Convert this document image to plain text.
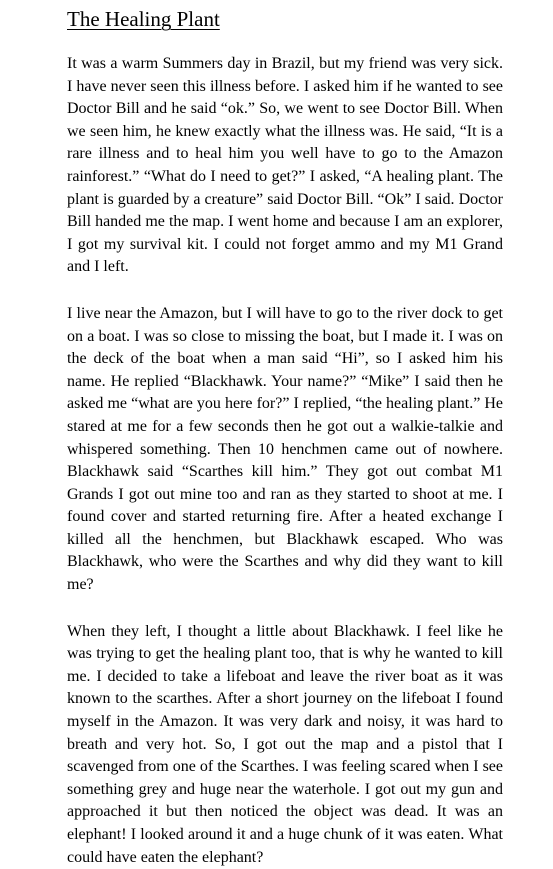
The Healing Plant

It was a warm Summers day in Brazil, but my friend was very sick. I have never seen this illness before. I asked him if he wanted to see Doctor Bill and he said “ok.” So, we went to see Doctor Bill. When we seen him, he knew exactly what the illness was. He said, “It is a rare illness and to heal him you well have to go to the Amazon rainforest.” “What do I need to get?” I asked, “A healing plant. The plant is guarded by a creature” said Doctor Bill. “Ok” I said. Doctor Bill handed me the map. I went home and because I am an explorer, I got my survival kit. I could not forget ammo and my M1 Grand and I left.

I live near the Amazon, but I will have to go to the river dock to get on a boat. I was so close to missing the boat, but I made it. I was on the deck of the boat when a man said “Hi”, so I asked him his name. He replied “Blackhawk. Your name?” “Mike” I said then he asked me “what are you here for?” I replied, “the healing plant.” He stared at me for a few seconds then he got out a walkie-talkie and whispered something. Then 10 henchmen came out of nowhere. Blackhawk said “Scarthes kill him.” They got out combat M1 Grands I got out mine too and ran as they started to shoot at me. I found cover and started returning fire. After a heated exchange I killed all the henchmen, but Blackhawk escaped. Who was Blackhawk, who were the Scarthes and why did they want to kill me?

When they left, I thought a little about Blackhawk. I feel like he was trying to get the healing plant too, that is why he wanted to kill me. I decided to take a lifeboat and leave the river boat as it was known to the scarthes. After a short journey on the lifeboat I found myself in the Amazon. It was very dark and noisy, it was hard to breath and very hot. So, I got out the map and a pistol that I scavenged from one of the Scarthes. I was feeling scared when I see something grey and huge near the waterhole. I got out my gun and approached it but then noticed the object was dead. It was an elephant! I looked around it and a huge chunk of it was eaten. What could have eaten the elephant?
